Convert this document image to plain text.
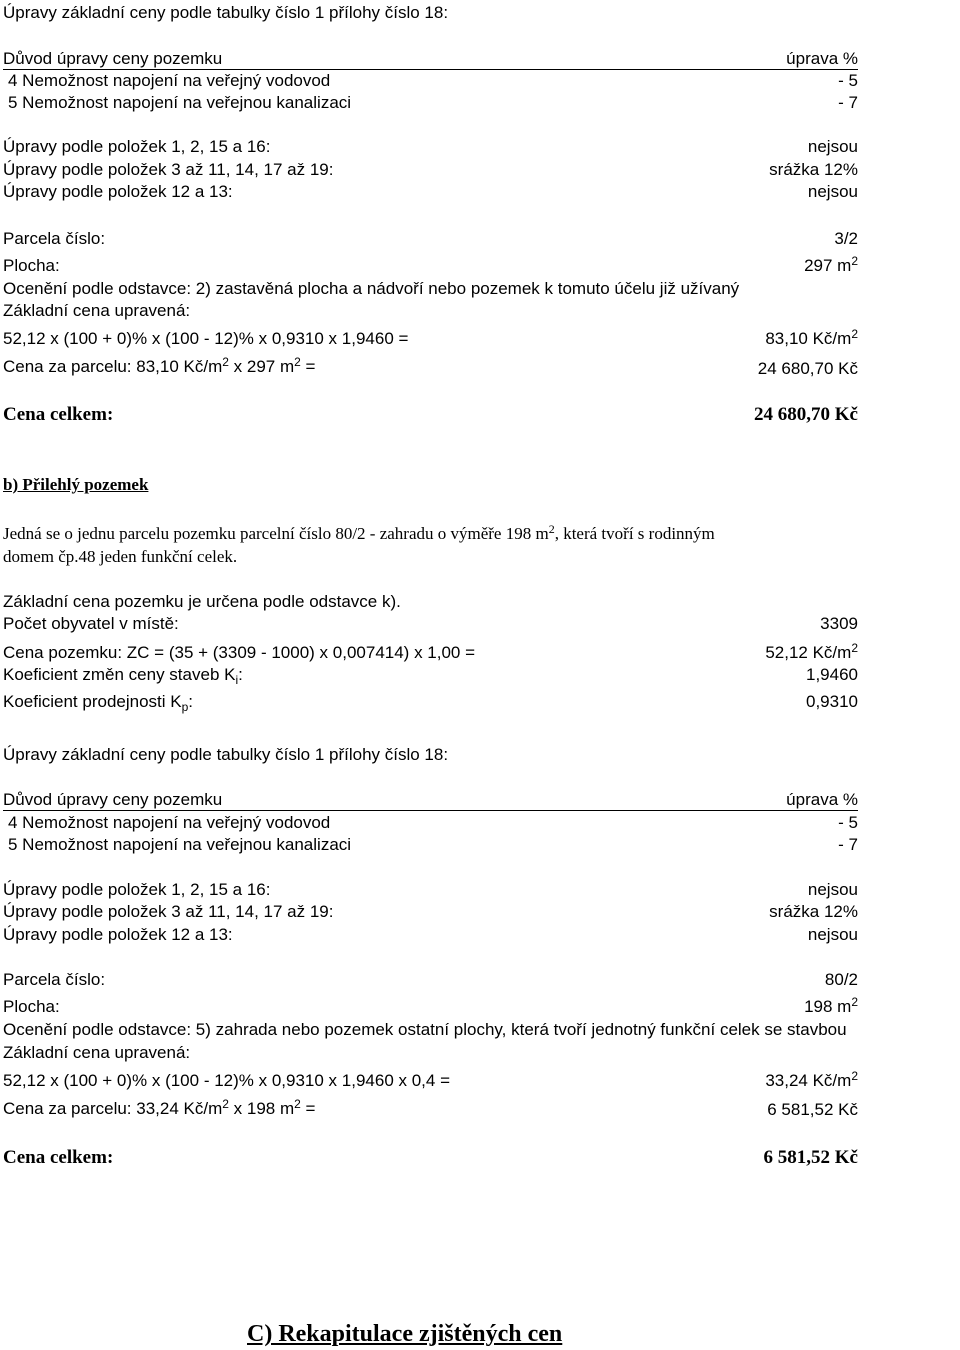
Úpravy základní ceny podle tabulky číslo 1 přílohy číslo 18:
Důvod úpravy ceny pozemku	úprava %
4 Nemožnost napojení na veřejný vodovod	- 5
5 Nemožnost napojení na veřejnou kanalizaci	- 7
Úpravy podle položek 1, 2, 15 a 16:	nejsou
Úpravy podle položek 3 až 11, 14, 17 až 19:	srážka 12%
Úpravy podle položek 12 a 13:	nejsou
Parcela číslo:	3/2
Plocha:	297 $m^2$
Ocenění podle odstavce: 2) zastavěná plocha a nádvoří nebo pozemek k tomuto účelu již užívaný
Základní cena upravená:
52,12 x (100 + 0)% x (100 - 12)% x 0,9310 x 1,9460 =	83,10 $Kč/m^2$
Cena za parcelu: 83,10 $Kč/m^2$ x 297 $m^2$ =	24 680,70 Kč
Cena celkem:	24 680,70 Kč
b) Přilehlý pozemek
Jedná se o jednu parcelu pozemku parcelní číslo 80/2 - zahradu o výměře 198 $m^2$, která tvoří s rodinným
domem čp.48 jeden funkční celek.
Základní cena pozemku je určena podle odstavce k).
Počet obyvatel v místě:	3309
Cena pozemku: ZC = (35 + (3309 - 1000) x 0,007414) x 1,00 =	52,12 $Kč/m^2$
Koeficient změn ceny staveb $K_i$:	1,9460
Koeficient prodejnosti $K_p$:	0,9310
Úpravy základní ceny podle tabulky číslo 1 přílohy číslo 18:
Důvod úpravy ceny pozemku	úprava %
4 Nemožnost napojení na veřejný vodovod	- 5
5 Nemožnost napojení na veřejnou kanalizaci	- 7
Úpravy podle položek 1, 2, 15 a 16:	nejsou
Úpravy podle položek 3 až 11, 14, 17 až 19:	srážka 12%
Úpravy podle položek 12 a 13:	nejsou
Parcela číslo:	80/2
Plocha:	198 $m^2$
Ocenění podle odstavce: 5) zahrada nebo pozemek ostatní plochy, která tvoří jednotný funkční celek se stavbou
Základní cena upravená:
52,12 x (100 + 0)% x (100 - 12)% x 0,9310 x 1,9460 x 0,4 =	33,24 $Kč/m^2$
Cena za parcelu: 33,24 $Kč/m^2$ x 198 $m^2$ =	6 581,52 Kč
Cena celkem:	6 581,52 Kč
C) Rekapitulace zjištěných cen
